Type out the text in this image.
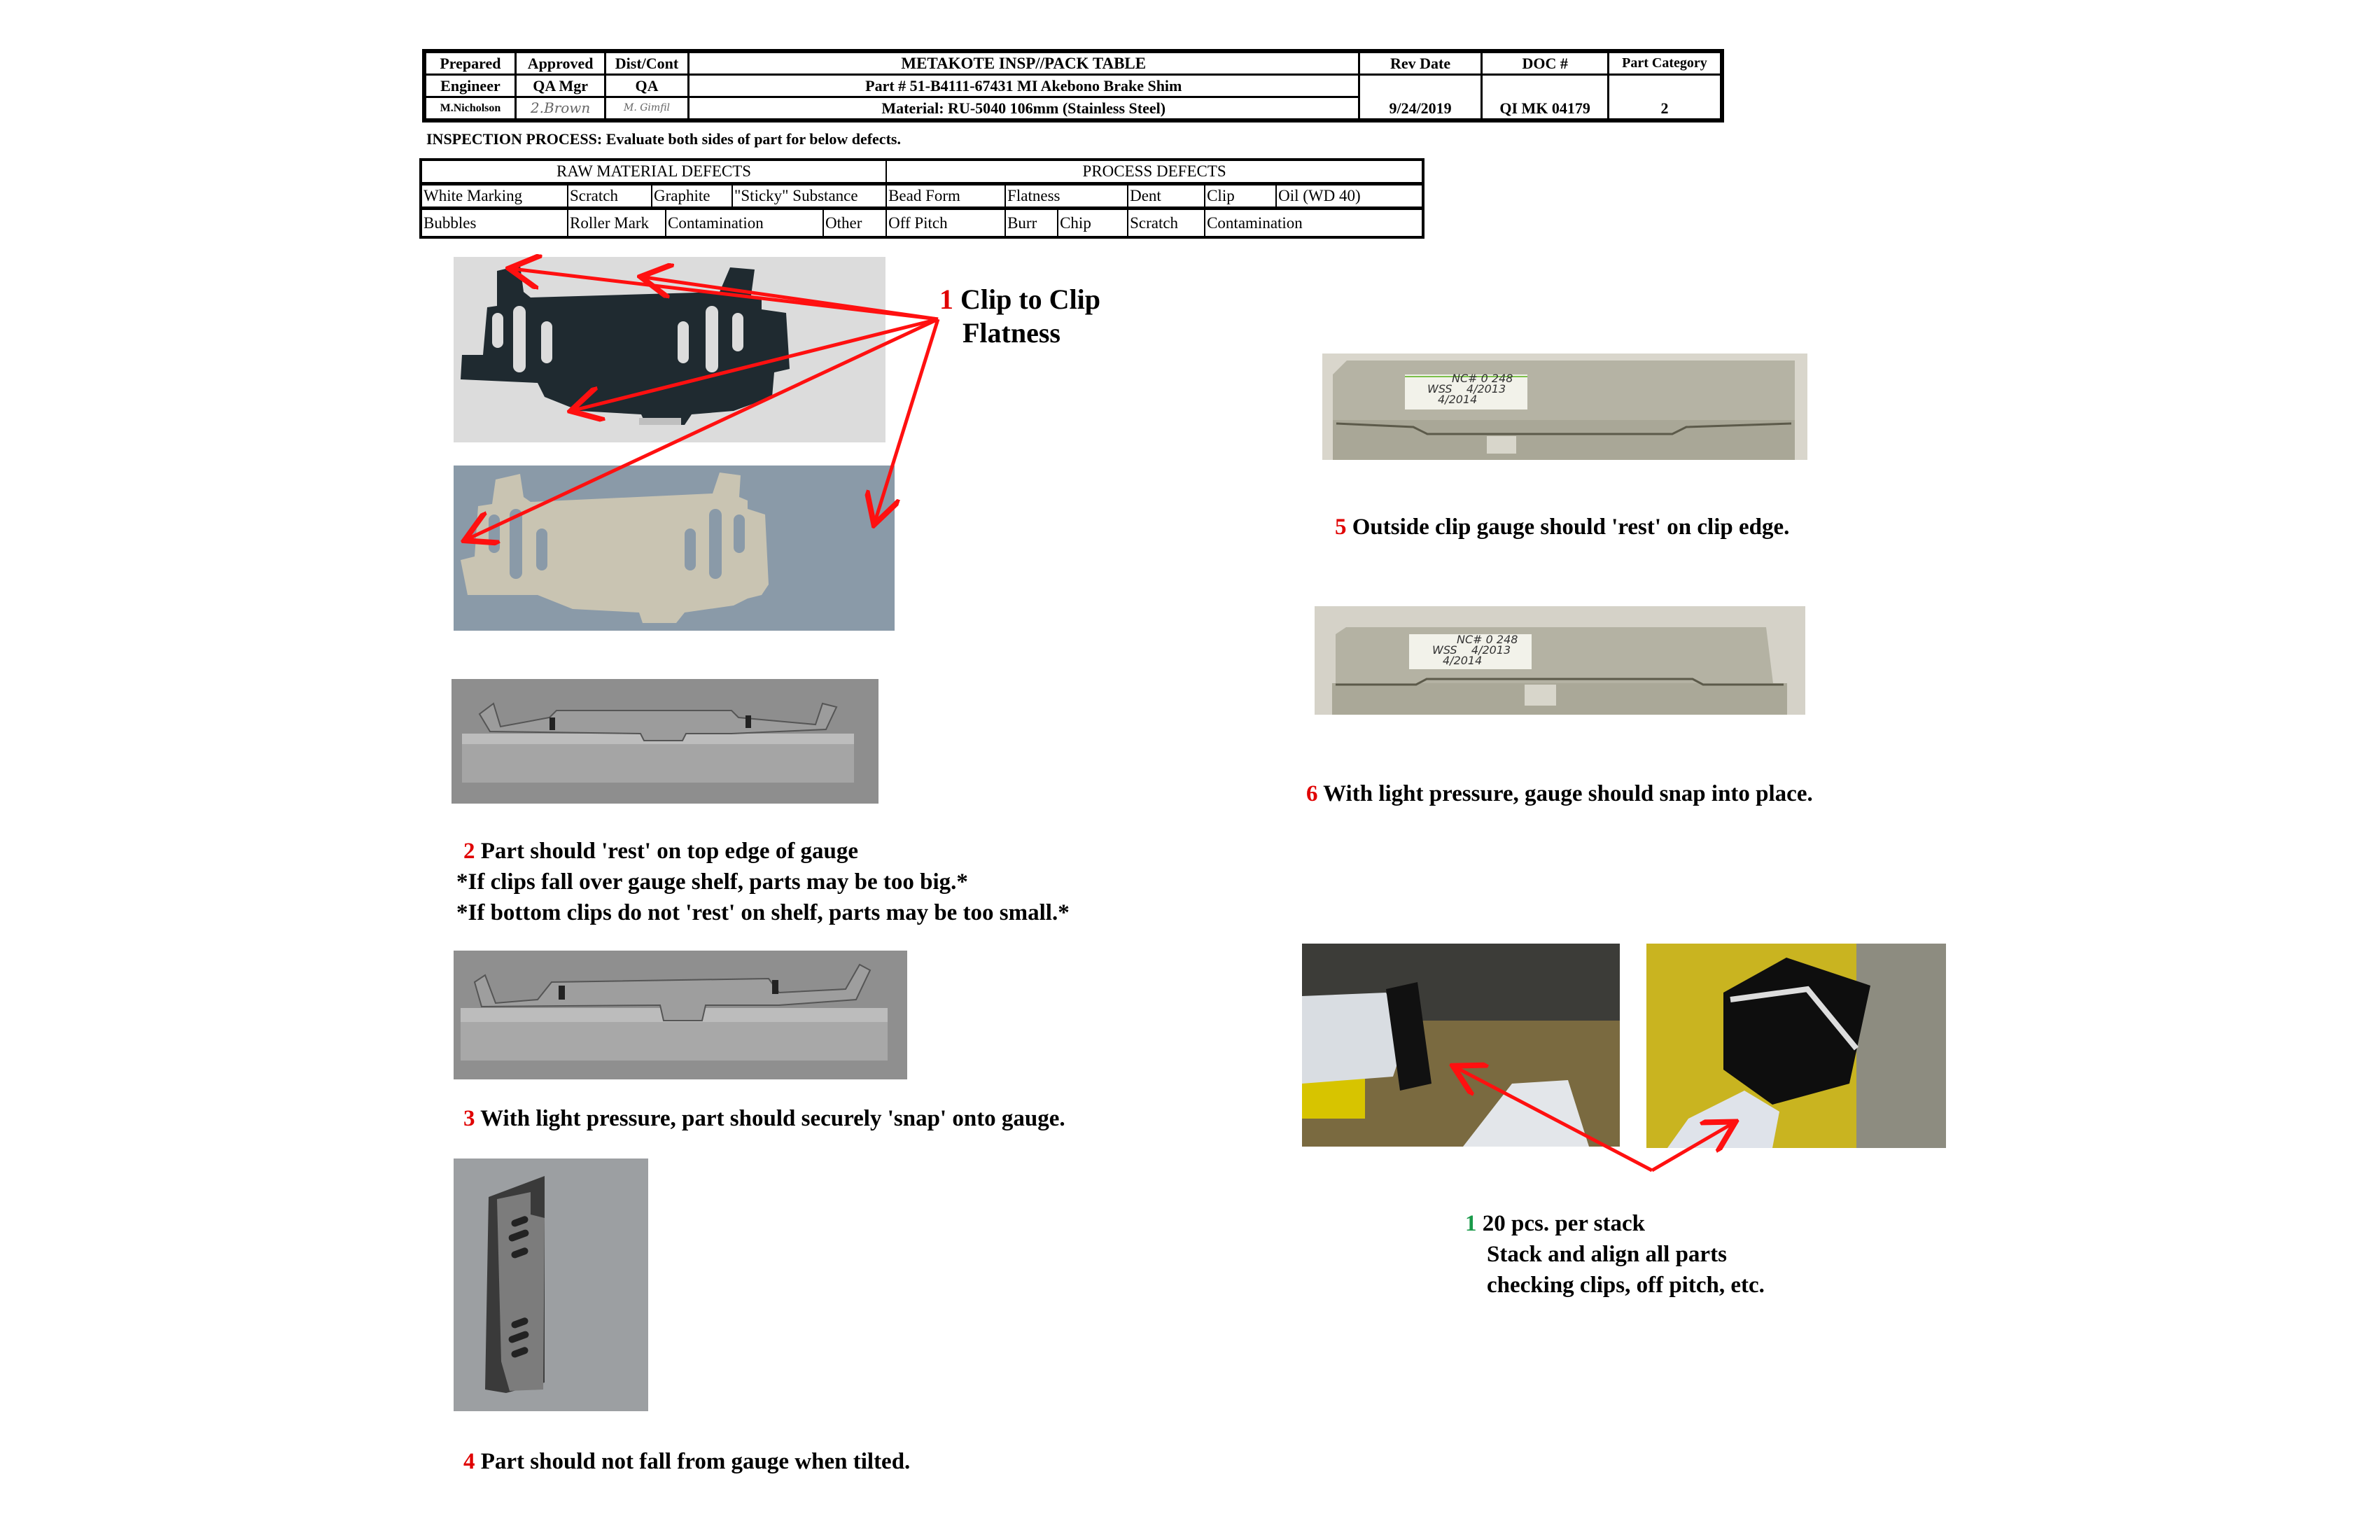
Prepared	Approved	Dist/Cont	METAKOTE INSP//PACK TABLE	Rev Date	DOC #	Part Category
Engineer	QA Mgr	QA	Part # 51-B4111-67431 MI Akebono Brake Shim	9/24/2019	QI MK 04179	2
M.Nicholson	2.Brown	M. Gimfil	Material: RU-5040 106mm (Stainless Steel)			
INSPECTION PROCESS: Evaluate both sides of part for below defects.
RAW MATERIAL DEFECTS						PROCESS DEFECTS					
White Marking	Scratch	Graphite		"Sticky" Substance		Bead Form	Flatness		Dent	Clip	Oil (WD 40)
Bubbles	Roller Mark		Contamination		Other	Off Pitch	Burr	Chip	Scratch	Contamination	
1 Clip to Clip
Flatness
2 Part should 'rest' on top edge of gauge
*If clips fall over gauge shelf, parts may be too big.*
*If bottom clips do not 'rest' on shelf, parts may be too small.*
3 With light pressure, part should securely 'snap' onto gauge.
4 Part should not fall from gauge when tilted.
NC# 0 248
WSS 4/2013
4/2014
5 Outside clip gauge should 'rest' on clip edge.
NC# 0 248
WSS 4/2013
4/2014
6 With light pressure, gauge should snap into place.
1 20 pcs. per stack
Stack and align all parts
checking clips, off pitch, etc.
